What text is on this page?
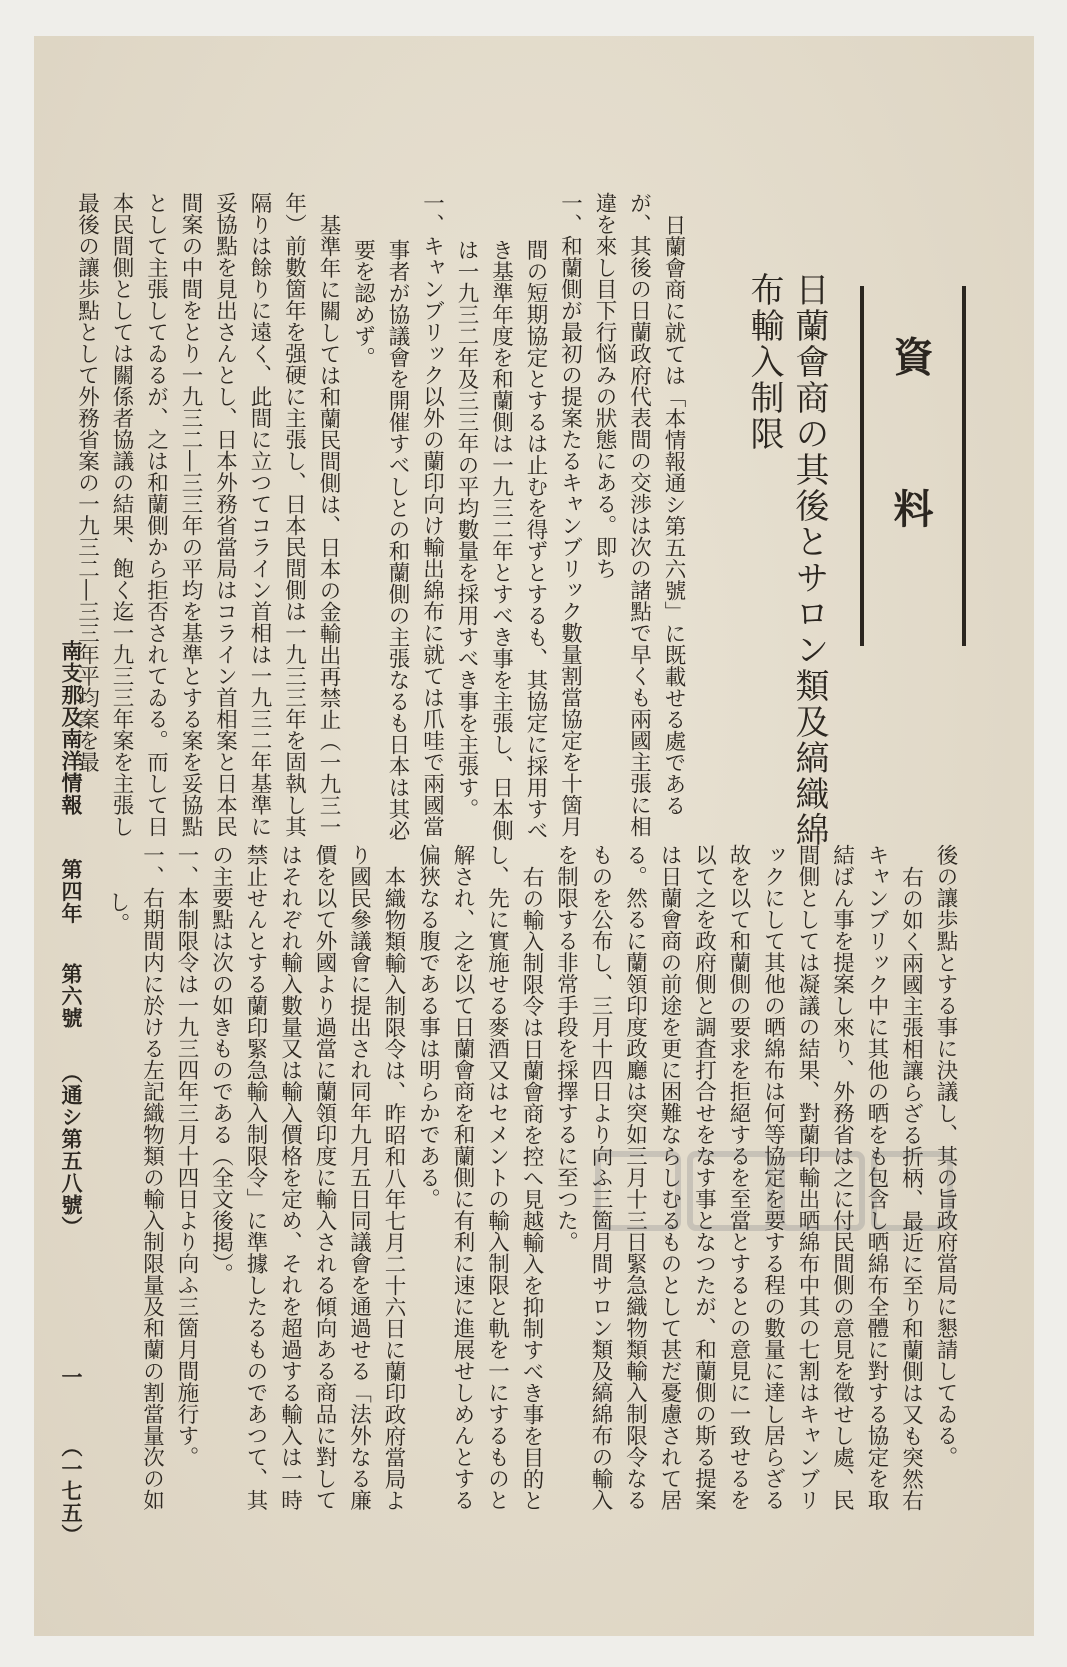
資料
日蘭會商の其後とサロン類及縞織綿
布輸入制限

日蘭會商に就ては「本情報通シ第五六號」に既載せる處であるが、其後の日蘭政府代表間の交渉は次の諸點で早くも兩國主張に相違を來し目下行悩みの狀態にある。即ち

一、和蘭側が最初の提案たるキャンブリック數量割當協定を十箇月間の短期協定とするは止むを得ずとするも、其協定に採用すべき基準年度を和蘭側は一九三二年とすべき事を主張し、日本側は一九三二年及三三年の平均數量を採用すべき事を主張す。

一、キャンブリック以外の蘭印向け輸出綿布に就ては爪哇で兩國當事者が協議會を開催すべしとの和蘭側の主張なるも日本は其必要を認めず。

基準年に關しては和蘭民間側は、日本の金輸出再禁止（一九三一年）前數箇年を强硬に主張し、日本民間側は一九三三年を固執し其隔りは餘りに遠く、此間に立つてコライン首相は一九三二年基準に妥協點を見出さんとし、日本外務省當局はコライン首相案と日本民間案の中間をとり一九三二―三三年の平均を基準とする案を妥協點として主張してゐるが、之は和蘭側から拒否されてゐる。而して日本民間側としては關係者協議の結果、飽く迄一九三三年案を主張し最後の讓歩點として外務省案の一九三二―三三年平均案を最

後の讓歩點とする事に決議し、其の旨政府當局に懇請してゐる。

右の如く兩國主張相讓らざる折柄、最近に至り和蘭側は又も突然右キャンブリック中に其他の晒をも包含し晒綿布全體に對する協定を取結ばん事を提案し來り、外務省は之に付民間側の意見を徵せし處、民間側としては凝議の結果、對蘭印輸出晒綿布中其の七割はキャンブリックにして其他の晒綿布は何等協定を要する程の數量に達し居らざる故を以て和蘭側の要求を拒絕するを至當とするとの意見に一致せるを以て之を政府側と調査打合せをなす事となつたが、和蘭側の斯る提案は日蘭會商の前途を更に困難ならしむるものとして甚だ憂慮されて居る。然るに蘭領印度政廳は突如三月十三日緊急織物類輸入制限令なるものを公布し、三月十四日より向ふ三箇月間サロン類及縞綿布の輸入を制限する非常手段を採擇するに至つた。

右の輸入制限令は日蘭會商を控へ見越輸入を抑制すべき事を目的とし、先に實施せる麥酒又はセメントの輸入制限と軌を一にするものと解され、之を以て日蘭會商を和蘭側に有利に速に進展せしめんとする偏狹なる腹である事は明らかである。

本織物類輸入制限令は、昨昭和八年七月二十六日に蘭印政府當局より國民參議會に提出され同年九月五日同議會を通過せる「法外なる廉價を以て外國より過當に蘭領印度に輸入される傾向ある商品に對してはそれぞれ輸入數量又は輸入價格を定め、それを超過する輸入は一時禁止せんとする蘭印緊急輸入制限令」に準據したるものであつて、其の主要點は次の如きものである（全文後掲）。

一、本制限令は一九三四年三月十四日より向ふ三箇月間施行す。

一、右期間内に於ける左記織物類の輸入制限量及和蘭の割當量次の如し。

南支那及南洋情報  第四年  第六號  （通シ第五八號）
一
（一七五）
